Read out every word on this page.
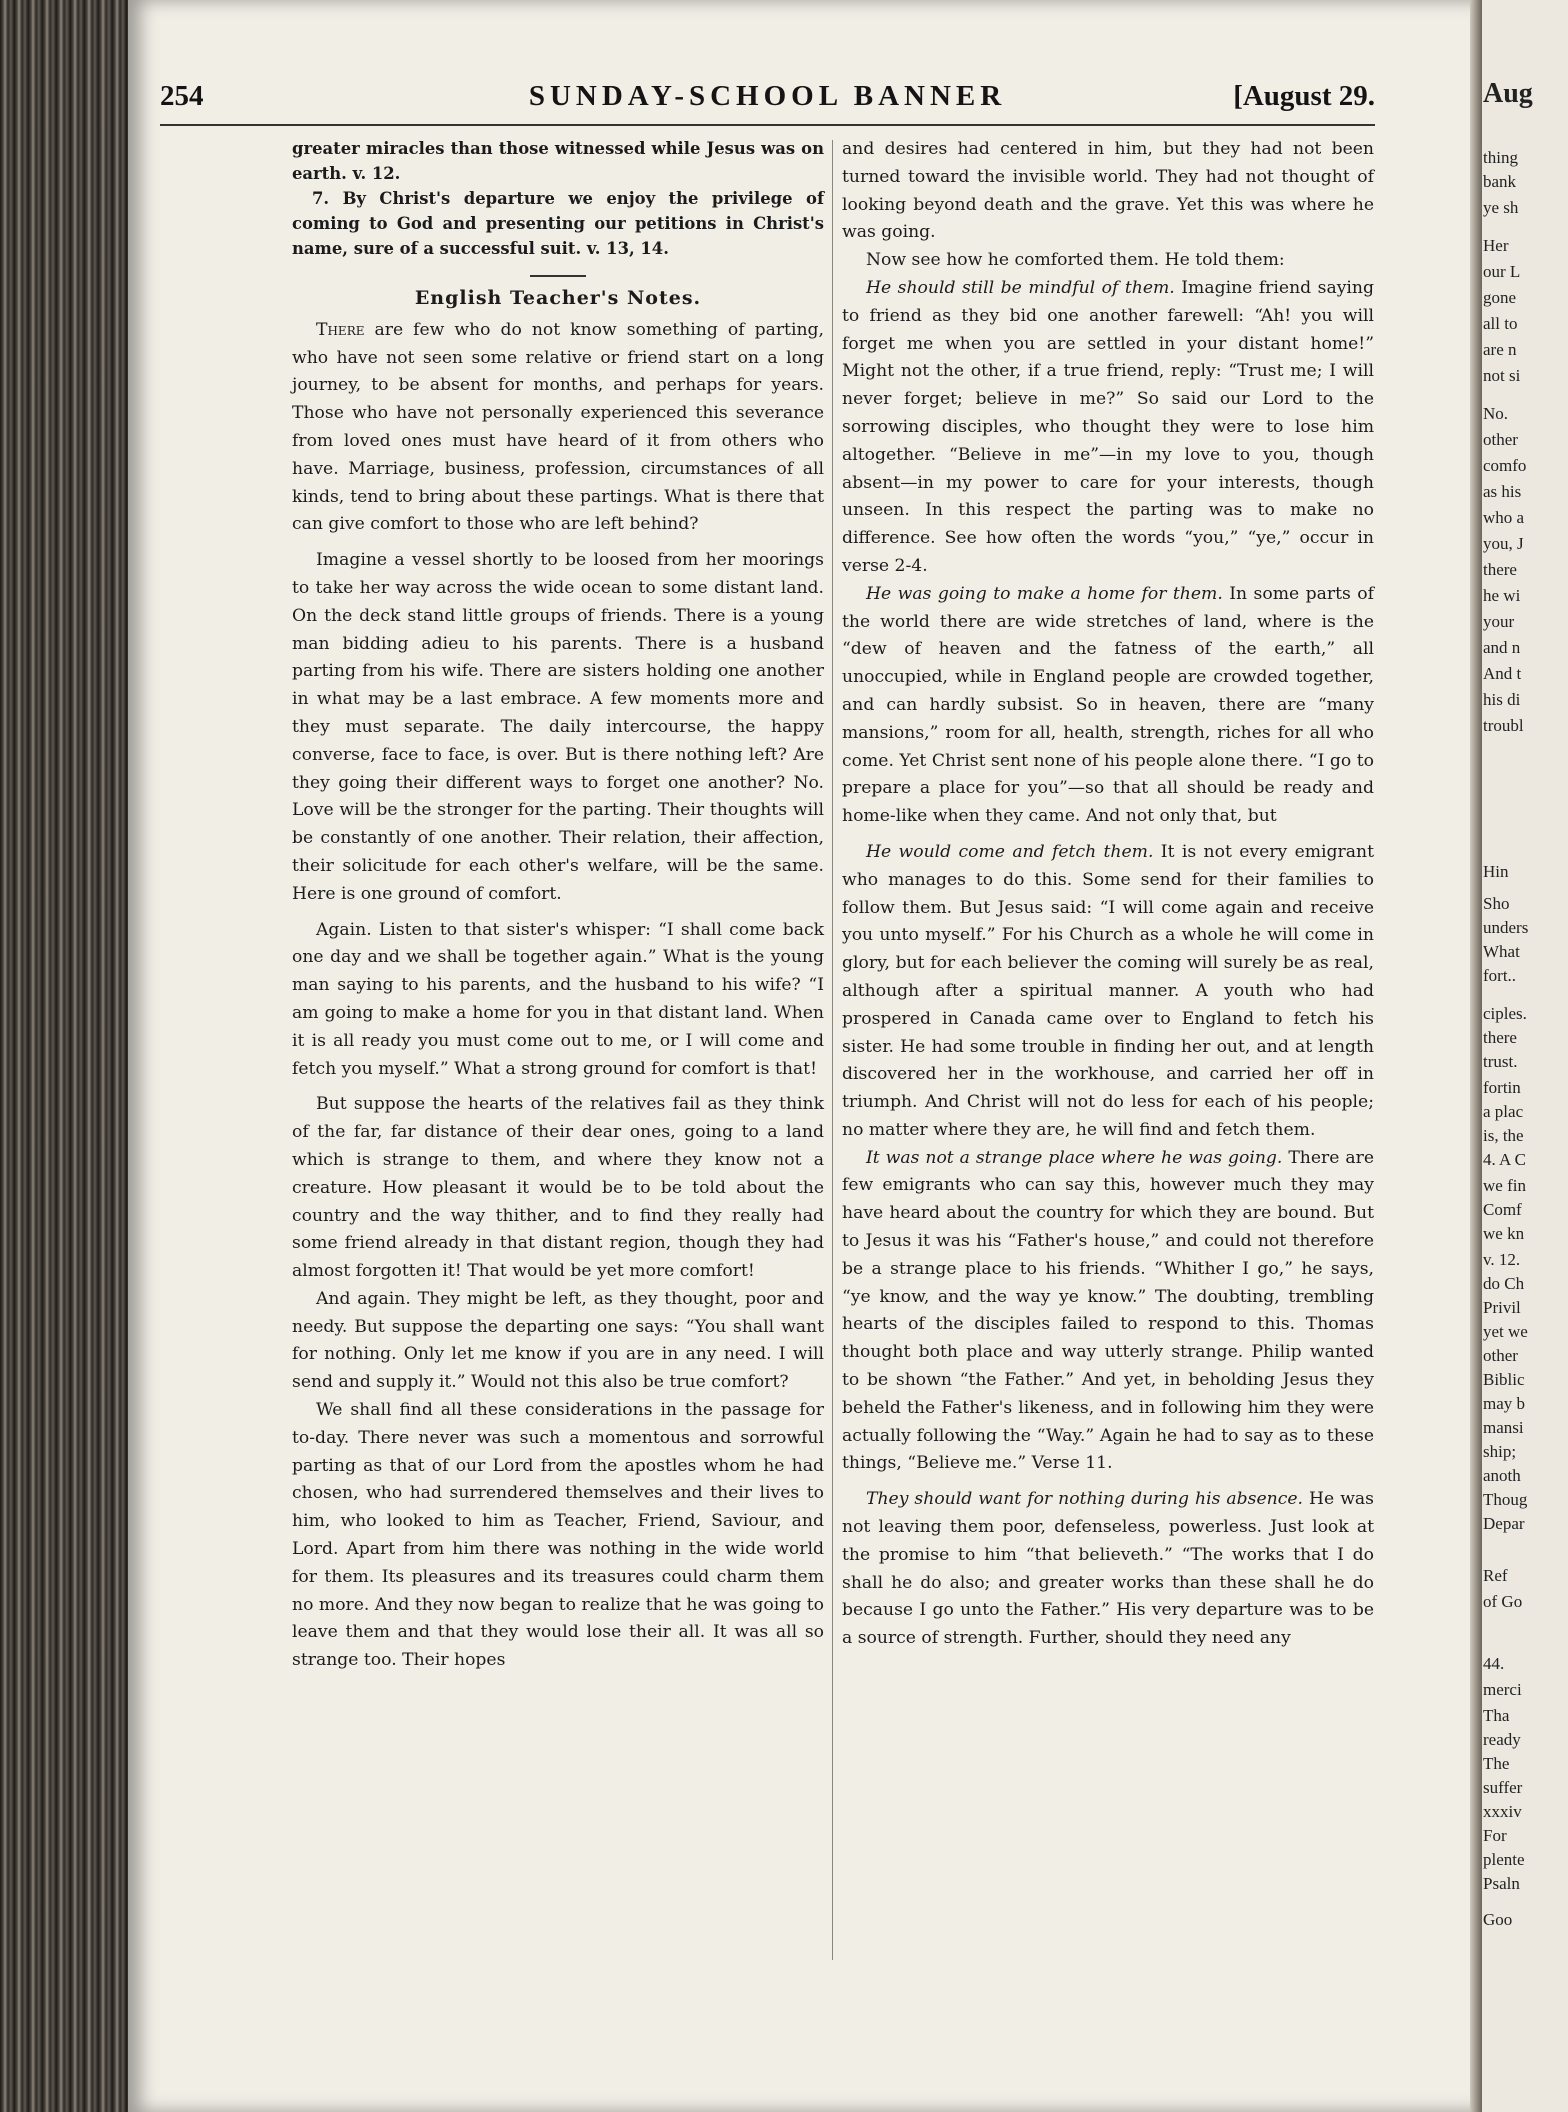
254	SUNDAY-SCHOOL BANNER	[August 29.

greater miracles than those witnessed while Jesus was on earth. v. 12.

7. By Christ's departure we enjoy the privilege of coming to God and presenting our petitions in Christ's name, sure of a successful suit. v. 13, 14.

English Teacher's Notes.

There are few who do not know something of parting, who have not seen some relative or friend start on a long journey, to be absent for months, and perhaps for years. Those who have not personally experienced this severance from loved ones must have heard of it from others who have. Marriage, business, profession, circumstances of all kinds, tend to bring about these partings. What is there that can give comfort to those who are left behind?

Imagine a vessel shortly to be loosed from her moorings to take her way across the wide ocean to some distant land. On the deck stand little groups of friends. There is a young man bidding adieu to his parents. There is a husband parting from his wife. There are sisters holding one another in what may be a last embrace. A few moments more and they must separate. The daily intercourse, the happy converse, face to face, is over. But is there nothing left? Are they going their different ways to forget one another? No. Love will be the stronger for the parting. Their thoughts will be constantly of one another. Their relation, their affection, their solicitude for each other's welfare, will be the same. Here is one ground of comfort.

Again. Listen to that sister's whisper: “I shall come back one day and we shall be together again.” What is the young man saying to his parents, and the husband to his wife? “I am going to make a home for you in that distant land. When it is all ready you must come out to me, or I will come and fetch you myself.” What a strong ground for comfort is that!

But suppose the hearts of the relatives fail as they think of the far, far distance of their dear ones, going to a land which is strange to them, and where they know not a creature. How pleasant it would be to be told about the country and the way thither, and to find they really had some friend already in that distant region, though they had almost forgotten it! That would be yet more comfort!

And again. They might be left, as they thought, poor and needy. But suppose the departing one says: “You shall want for nothing. Only let me know if you are in any need. I will send and supply it.” Would not this also be true comfort?

We shall find all these considerations in the passage for to-day. There never was such a momentous and sorrowful parting as that of our Lord from the apostles whom he had chosen, who had surrendered themselves and their lives to him, who looked to him as Teacher, Friend, Saviour, and Lord. Apart from him there was nothing in the wide world for them. Its pleasures and its treasures could charm them no more. And they now began to realize that he was going to leave them and that they would lose their all. It was all so strange too. Their hopes

and desires had centered in him, but they had not been turned toward the invisible world. They had not thought of looking beyond death and the grave. Yet this was where he was going.

Now see how he comforted them. He told them:

He should still be mindful of them. Imagine friend saying to friend as they bid one another farewell: “Ah! you will forget me when you are settled in your distant home!” Might not the other, if a true friend, reply: “Trust me; I will never forget; believe in me?” So said our Lord to the sorrowing disciples, who thought they were to lose him altogether. “Believe in me”—in my love to you, though absent—in my power to care for your interests, though unseen. In this respect the parting was to make no difference. See how often the words “you,” “ye,” occur in verse 2-4.

He was going to make a home for them. In some parts of the world there are wide stretches of land, where is the “dew of heaven and the fatness of the earth,” all unoccupied, while in England people are crowded together, and can hardly subsist. So in heaven, there are “many mansions,” room for all, health, strength, riches for all who come. Yet Christ sent none of his people alone there. “I go to prepare a place for you”—so that all should be ready and home-like when they came. And not only that, but

He would come and fetch them. It is not every emigrant who manages to do this. Some send for their families to follow them. But Jesus said: “I will come again and receive you unto myself.” For his Church as a whole he will come in glory, but for each believer the coming will surely be as real, although after a spiritual manner. A youth who had prospered in Canada came over to England to fetch his sister. He had some trouble in finding her out, and at length discovered her in the workhouse, and carried her off in triumph. And Christ will not do less for each of his people; no matter where they are, he will find and fetch them.

It was not a strange place where he was going. There are few emigrants who can say this, however much they may have heard about the country for which they are bound. But to Jesus it was his “Father's house,” and could not therefore be a strange place to his friends. “Whither I go,” he says, “ye know, and the way ye know.” The doubting, trembling hearts of the disciples failed to respond to this. Thomas thought both place and way utterly strange. Philip wanted to be shown “the Father.” And yet, in beholding Jesus they beheld the Father's likeness, and in following him they were actually following the “Way.” Again he had to say as to these things, “Believe me.” Verse 11.

They should want for nothing during his absence. He was not leaving them poor, defenseless, powerless. Just look at the promise to him “that believeth.” “The works that I do shall he do also; and greater works than these shall he do because I go unto the Father.” His very departure was to be a source of strength. Further, should they need any

Aug
thing
bank
ye sh
Her
our L
gone
all to
are n
not si
No.
other
comfo
as his
who a
you, J
there
he wi
your
and n
And t
his di
troubl
Hin
Sho
unders
What
fort..
ciples.
there
trust.
fortin
a plac
is, the
4. A C
we fin
Comf
we kn
v. 12.
do Ch
Privil
yet we
other
Biblic
may b
mansi
ship;
anoth
Thoug
Depar
Ref
of Go
44.
merci
Tha
ready
The
suffer
xxxiv
For
plente
Psaln
Goo
